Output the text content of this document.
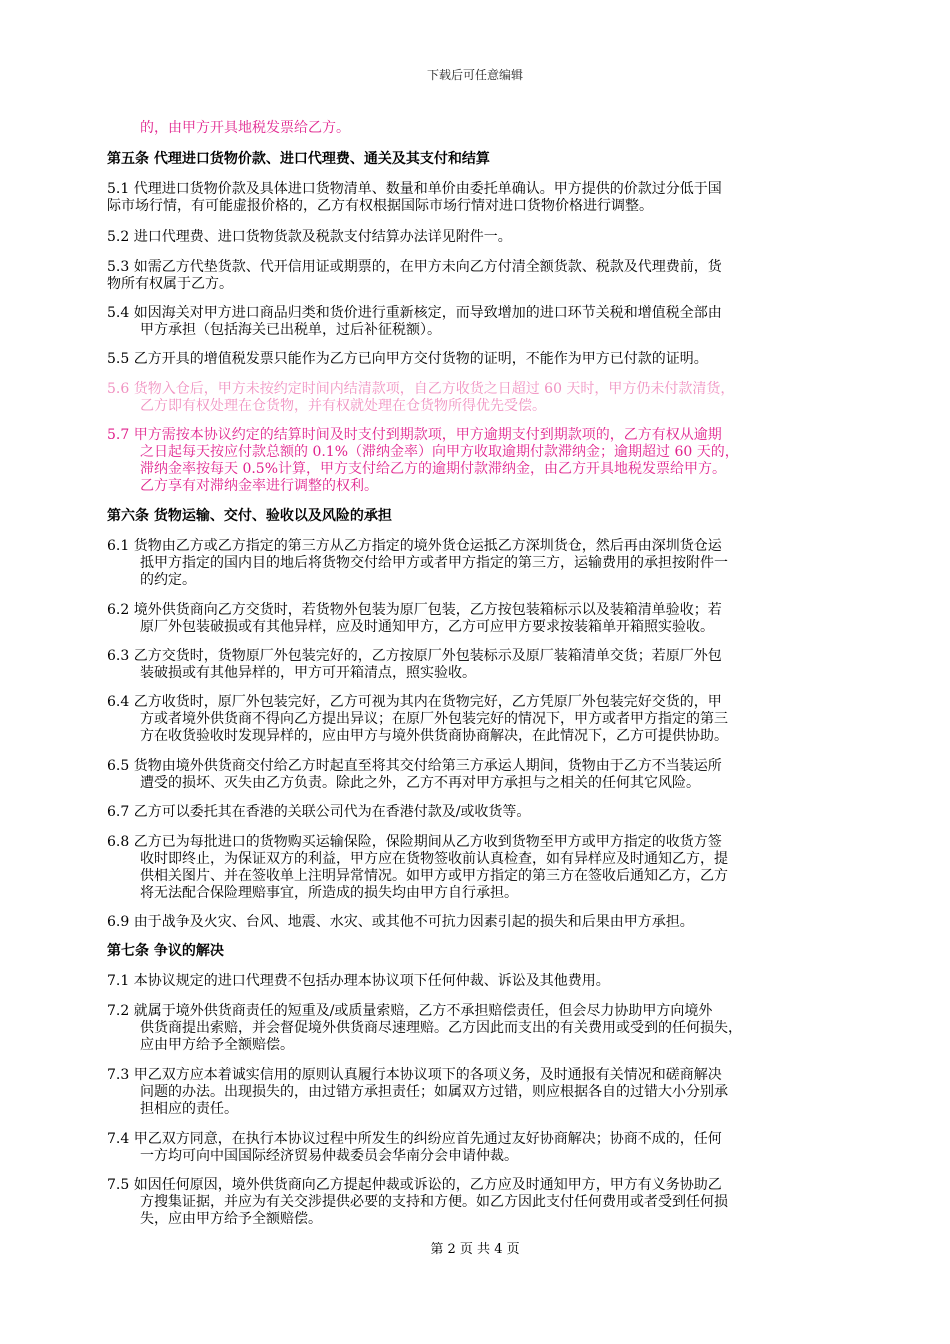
下载后可任意编辑
的，由甲方开具地税发票给乙方。
第五条 代理进口货物价款、进口代理费、通关及其支付和结算
5.1 代理进口货物价款及具体进口货物清单、数量和单价由委托单确认。甲方提供的价款过分低于国
际市场行情，有可能虚报价格的，乙方有权根据国际市场行情对进口货物价格进行调整。
5.2 进口代理费、进口货物货款及税款支付结算办法详见附件一。
5.3 如需乙方代垫货款、代开信用证或期票的，在甲方未向乙方付清全额货款、税款及代理费前，货
物所有权属于乙方。
5.4 如因海关对甲方进口商品归类和货价进行重新核定，而导致增加的进口环节关税和增值税全部由
甲方承担（包括海关已出税单，过后补征税额）。
5.5 乙方开具的增值税发票只能作为乙方已向甲方交付货物的证明，不能作为甲方已付款的证明。
5.6 货物入仓后，甲方未按约定时间内结清款项，自乙方收货之日超过 60 天时，甲方仍未付款清货，
乙方即有权处理在仓货物，并有权就处理在仓货物所得优先受偿。
5.7 甲方需按本协议约定的结算时间及时支付到期款项，甲方逾期支付到期款项的，乙方有权从逾期
之日起每天按应付款总额的 0.1%（滞纳金率）向甲方收取逾期付款滞纳金；逾期超过 60 天的，
滞纳金率按每天 0.5%计算，甲方支付给乙方的逾期付款滞纳金，由乙方开具地税发票给甲方。
乙方享有对滞纳金率进行调整的权利。
第六条 货物运输、交付、验收以及风险的承担
6.1 货物由乙方或乙方指定的第三方从乙方指定的境外货仓运抵乙方深圳货仓，然后再由深圳货仓运
抵甲方指定的国内目的地后将货物交付给甲方或者甲方指定的第三方，运输费用的承担按附件一
的约定。
6.2 境外供货商向乙方交货时，若货物外包装为原厂包装，乙方按包装箱标示以及装箱清单验收；若
原厂外包装破损或有其他异样，应及时通知甲方，乙方可应甲方要求按装箱单开箱照实验收。
6.3 乙方交货时，货物原厂外包装完好的，乙方按原厂外包装标示及原厂装箱清单交货；若原厂外包
装破损或有其他异样的，甲方可开箱清点，照实验收。
6.4 乙方收货时，原厂外包装完好，乙方可视为其内在货物完好，乙方凭原厂外包装完好交货的，甲
方或者境外供货商不得向乙方提出异议；在原厂外包装完好的情况下，甲方或者甲方指定的第三
方在收货验收时发现异样的，应由甲方与境外供货商协商解决，在此情况下，乙方可提供协助。
6.5 货物由境外供货商交付给乙方时起直至将其交付给第三方承运人期间，货物由于乙方不当装运所
遭受的损坏、灭失由乙方负责。除此之外，乙方不再对甲方承担与之相关的任何其它风险。
6.7 乙方可以委托其在香港的关联公司代为在香港付款及/或收货等。
6.8 乙方已为每批进口的货物购买运输保险，保险期间从乙方收到货物至甲方或甲方指定的收货方签
收时即终止，为保证双方的利益，甲方应在货物签收前认真检查，如有异样应及时通知乙方，提
供相关图片、并在签收单上注明异常情况。如甲方或甲方指定的第三方在签收后通知乙方，乙方
将无法配合保险理赔事宜，所造成的损失均由甲方自行承担。
6.9 由于战争及火灾、台风、地震、水灾、或其他不可抗力因素引起的损失和后果由甲方承担。
第七条 争议的解决
7.1 本协议规定的进口代理费不包括办理本协议项下任何仲裁、诉讼及其他费用。
7.2 就属于境外供货商责任的短重及/或质量索赔，乙方不承担赔偿责任，但会尽力协助甲方向境外
供货商提出索赔，并会督促境外供货商尽速理赔。乙方因此而支出的有关费用或受到的任何损失，
应由甲方给予全额赔偿。
7.3 甲乙双方应本着诚实信用的原则认真履行本协议项下的各项义务，及时通报有关情况和磋商解决
问题的办法。出现损失的，由过错方承担责任；如属双方过错，则应根据各自的过错大小分别承
担相应的责任。
7.4 甲乙双方同意，在执行本协议过程中所发生的纠纷应首先通过友好协商解决；协商不成的，任何
一方均可向中国国际经济贸易仲裁委员会华南分会申请仲裁。
7.5 如因任何原因，境外供货商向乙方提起仲裁或诉讼的，乙方应及时通知甲方，甲方有义务协助乙
方搜集证据，并应为有关交涉提供必要的支持和方便。如乙方因此支付任何费用或者受到任何损
失，应由甲方给予全额赔偿。
第 2 页 共 4 页
